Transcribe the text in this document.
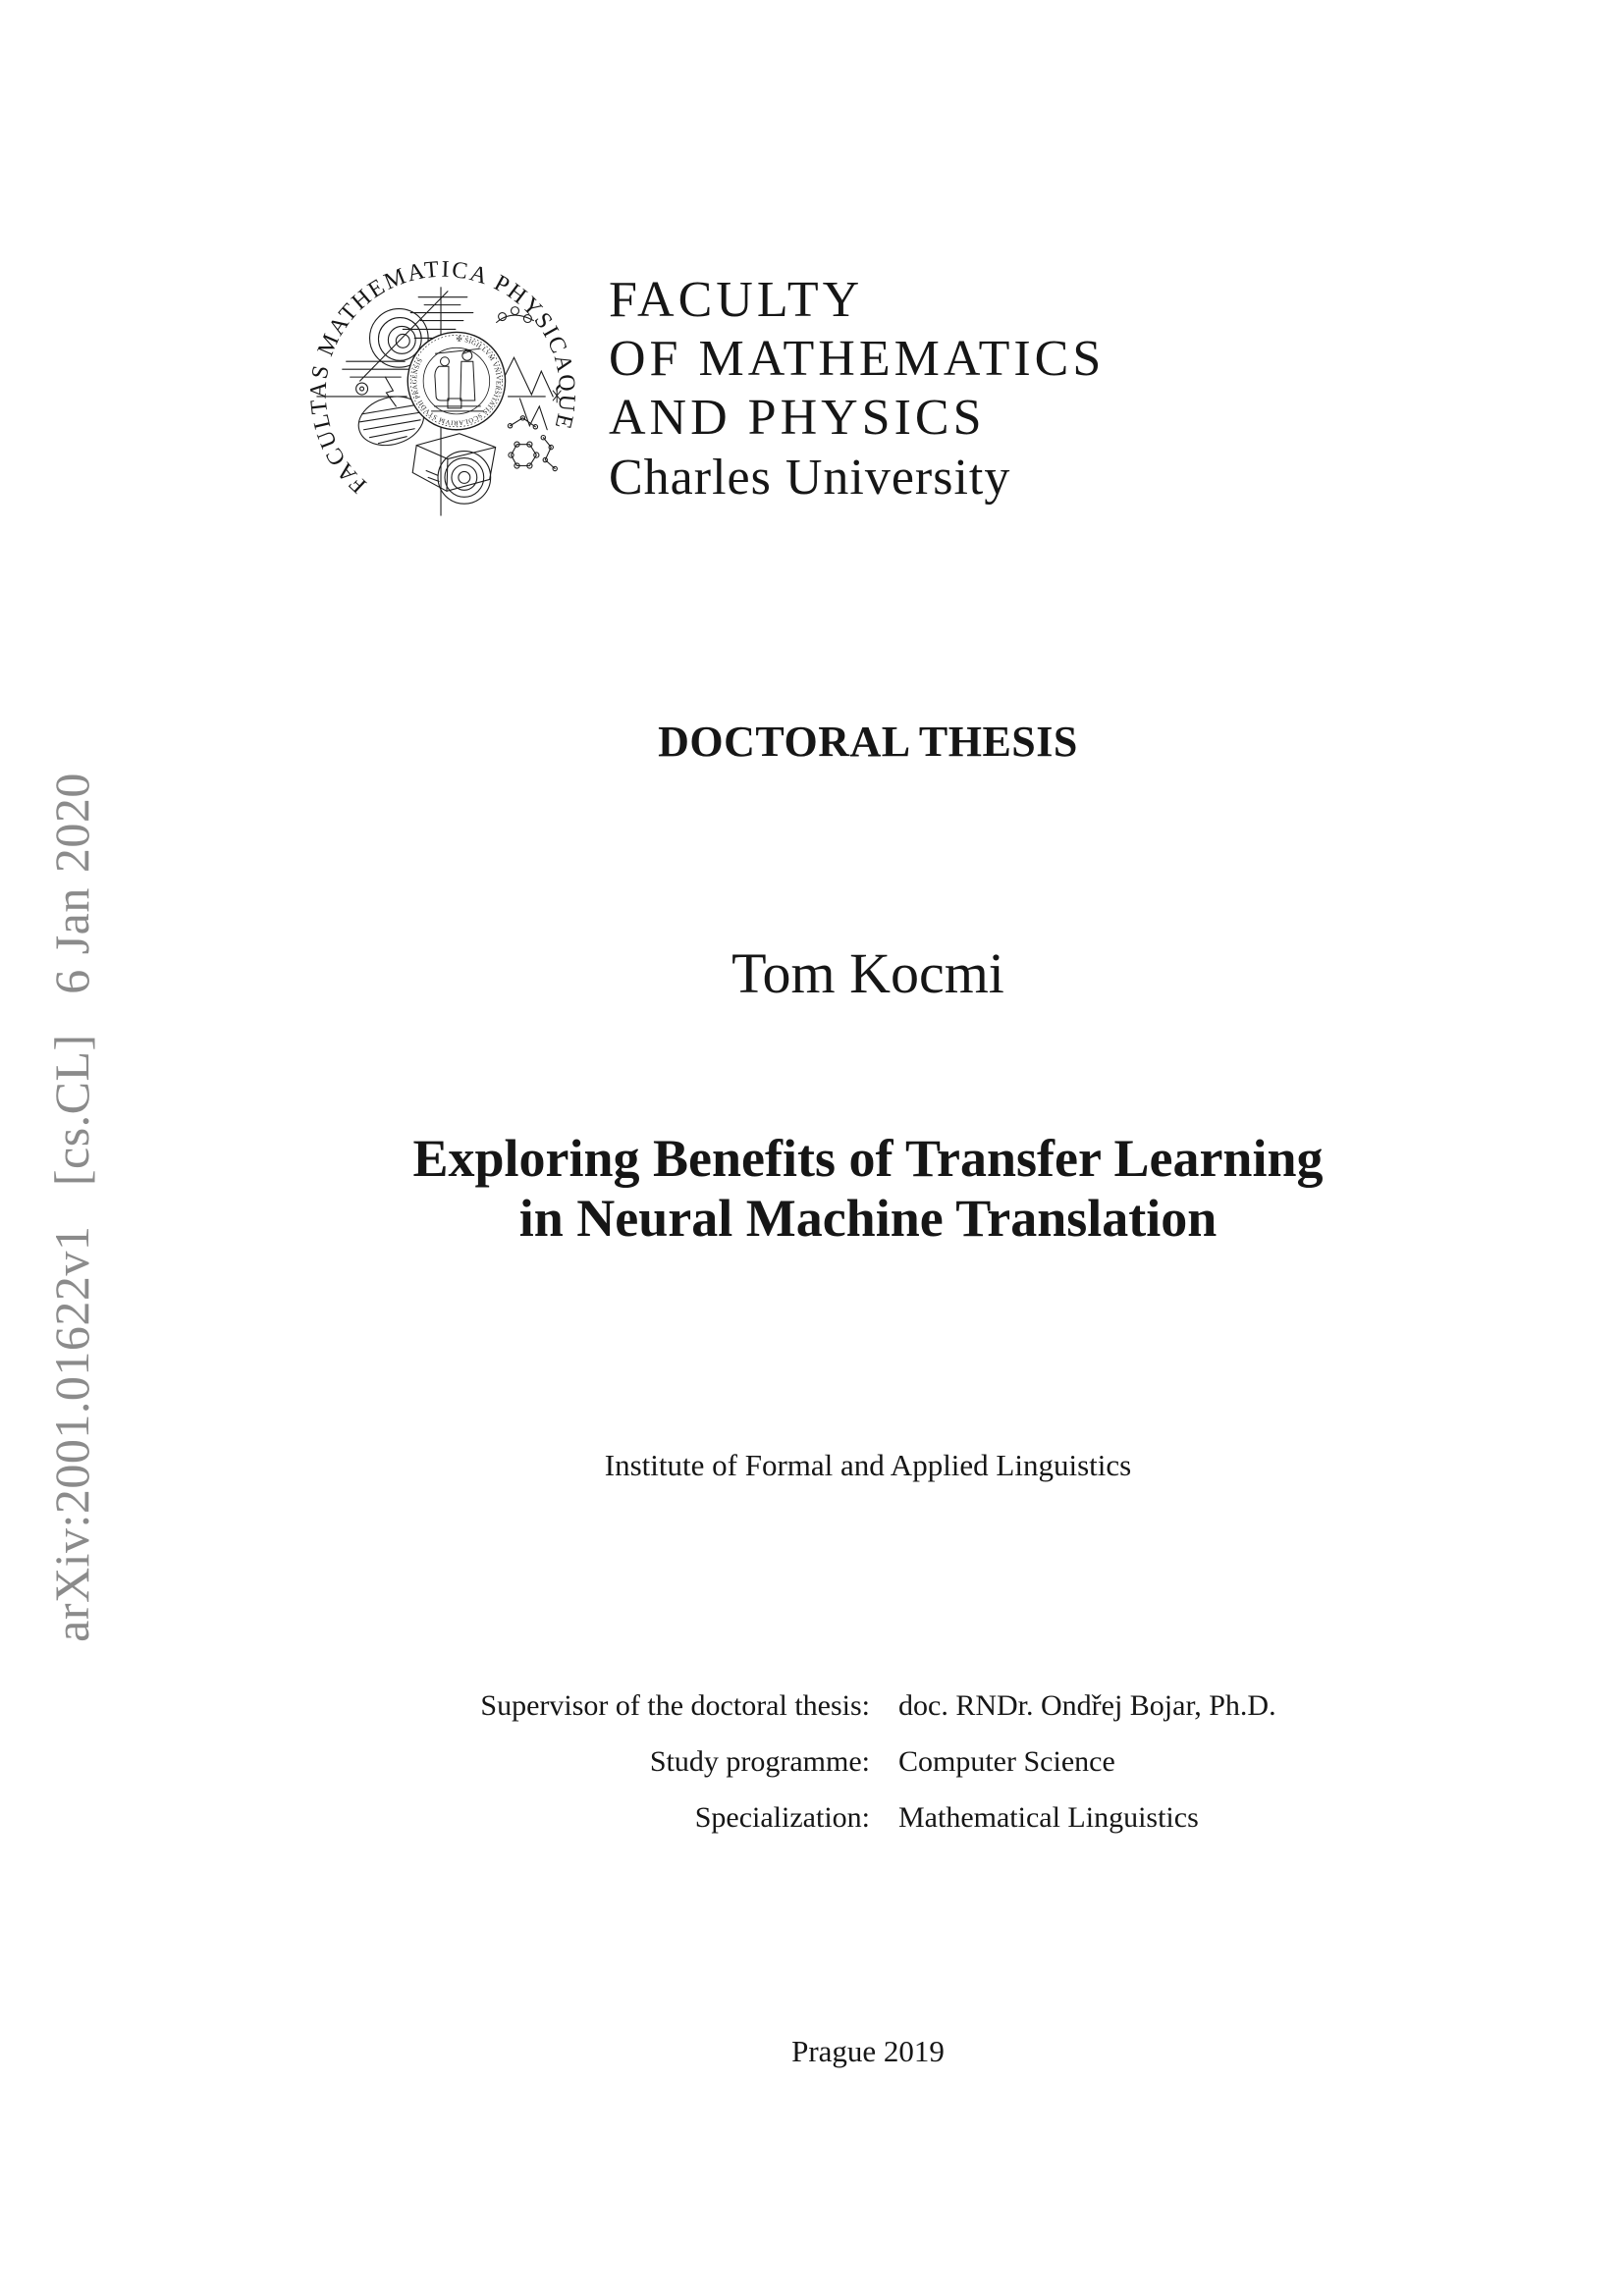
arXiv:2001.01622v1  [cs.CL]  6 Jan 2020
FACULTAS MATHEMATICA PHYSICAQUE
✠ SIGILLVM VNIVERSITATIS SCOLARIVM STVDII PRAGENSIS
FACULTY
OF MATHEMATICS
AND PHYSICS
Charles University
DOCTORAL THESIS
Tom Kocmi
Exploring Benefits of Transfer Learning
in Neural Machine Translation
Institute of Formal and Applied Linguistics
Supervisor of the doctoral thesis: doc. RNDr. Ondřej Bojar, Ph.D.
Study programme: Computer Science
Specialization: Mathematical Linguistics
Prague 2019
